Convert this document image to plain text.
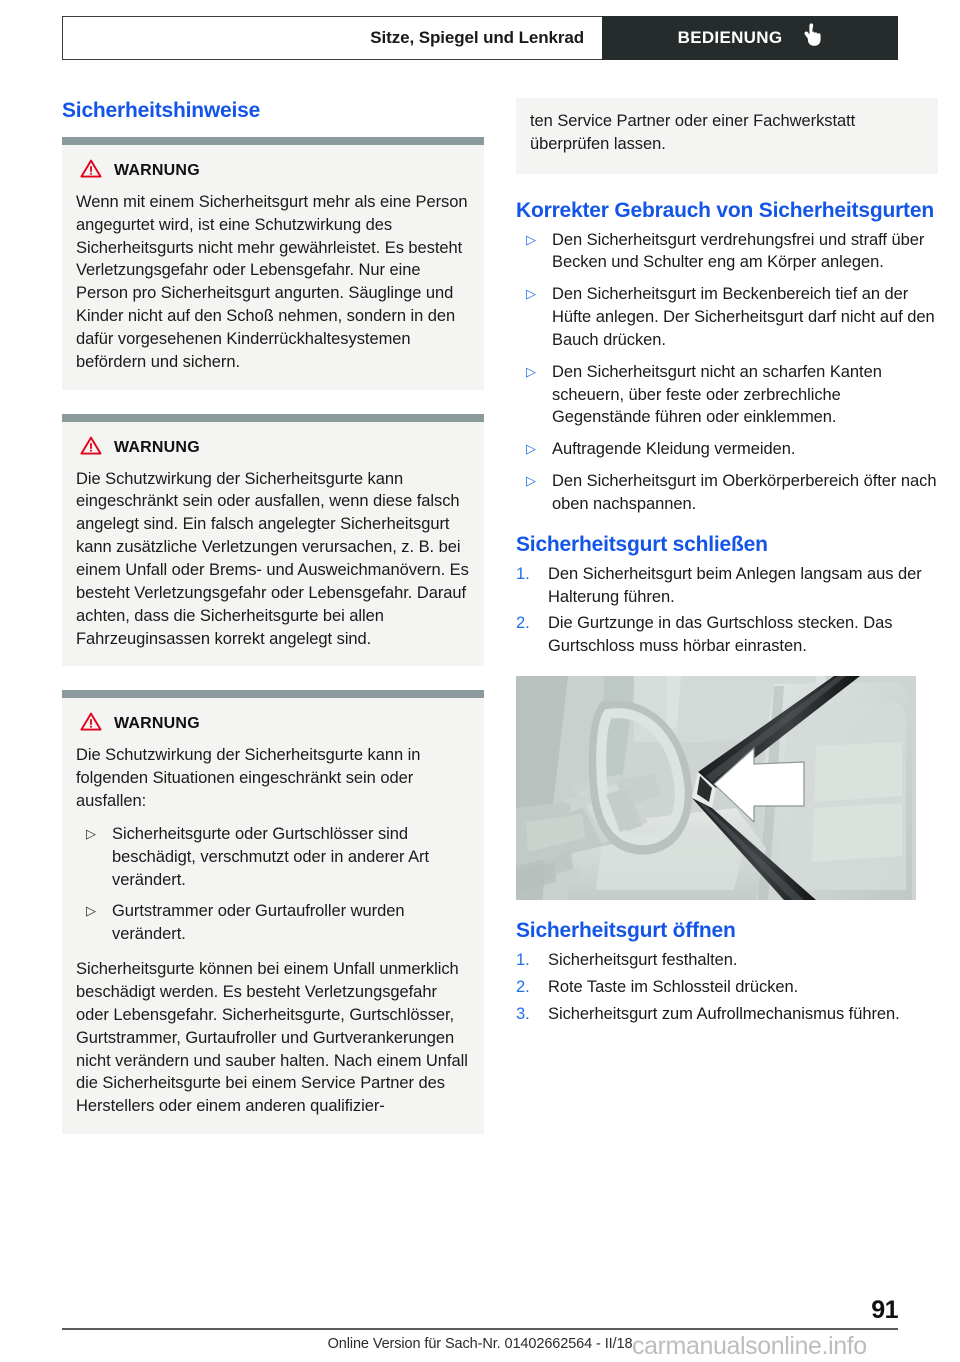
Sitze, Spiegel und Lenkrad	BEDIENUNG
Sicherheitshinweise
WARNUNG

Wenn mit einem Sicherheitsgurt mehr als eine Person angegurtet wird, ist eine Schutzwirkung des Sicherheitsgurts nicht mehr gewährleistet. Es besteht Verletzungsgefahr oder Lebensgefahr. Nur eine Person pro Sicherheitsgurt angurten. Säuglinge und Kinder nicht auf den Schoß nehmen, sondern in den dafür vorgesehenen Kinderrückhaltesystemen befördern und sichern.

WARNUNG

Die Schutzwirkung der Sicherheitsgurte kann eingeschränkt sein oder ausfallen, wenn diese falsch angelegt sind. Ein falsch angelegter Sicherheitsgurt kann zusätzliche Verletzungen verursachen, z. B. bei einem Unfall oder Brems- und Ausweichmanövern. Es besteht Verletzungsgefahr oder Lebensgefahr. Darauf achten, dass die Sicherheitsgurte bei allen Fahrzeuginsassen korrekt angelegt sind.

WARNUNG

Die Schutzwirkung der Sicherheitsgurte kann in folgenden Situationen eingeschränkt sein oder ausfallen:

▷ Sicherheitsgurte oder Gurtschlösser sind beschädigt, verschmutzt oder in anderer Art verändert.
▷ Gurtstrammer oder Gurtaufroller wurden verändert.

Sicherheitsgurte können bei einem Unfall unmerklich beschädigt werden. Es besteht Verletzungsgefahr oder Lebensgefahr. Sicherheitsgurte, Gurtschlösser, Gurtstrammer, Gurtaufroller und Gurtverankerungen nicht verändern und sauber halten. Nach einem Unfall die Sicherheitsgurte bei einem Service Partner des Herstellers oder einem anderen qualifizier-

ten Service Partner oder einer Fachwerkstatt überprüfen lassen.

Korrekter Gebrauch von Sicherheitsgurten
▷ Den Sicherheitsgurt verdrehungsfrei und straff über Becken und Schulter eng am Körper anlegen.
▷ Den Sicherheitsgurt im Beckenbereich tief an der Hüfte anlegen. Der Sicherheitsgurt darf nicht auf den Bauch drücken.
▷ Den Sicherheitsgurt nicht an scharfen Kanten scheuern, über feste oder zerbrechliche Gegenstände führen oder einklemmen.
▷ Auftragende Kleidung vermeiden.
▷ Den Sicherheitsgurt im Oberkörperbereich öfter nach oben nachspannen.
Sicherheitsgurt schließen
1. Den Sicherheitsgurt beim Anlegen langsam aus der Halterung führen.
2. Die Gurtzunge in das Gurtschloss stecken. Das Gurtschloss muss hörbar einrasten.
Sicherheitsgurt öffnen
1. Sicherheitsgurt festhalten.
2. Rote Taste im Schlossteil drücken.
3. Sicherheitsgurt zum Aufrollmechanismus führen.
91
Online Version für Sach-Nr. 01402662564 - II/18 carmanualsonline.info
